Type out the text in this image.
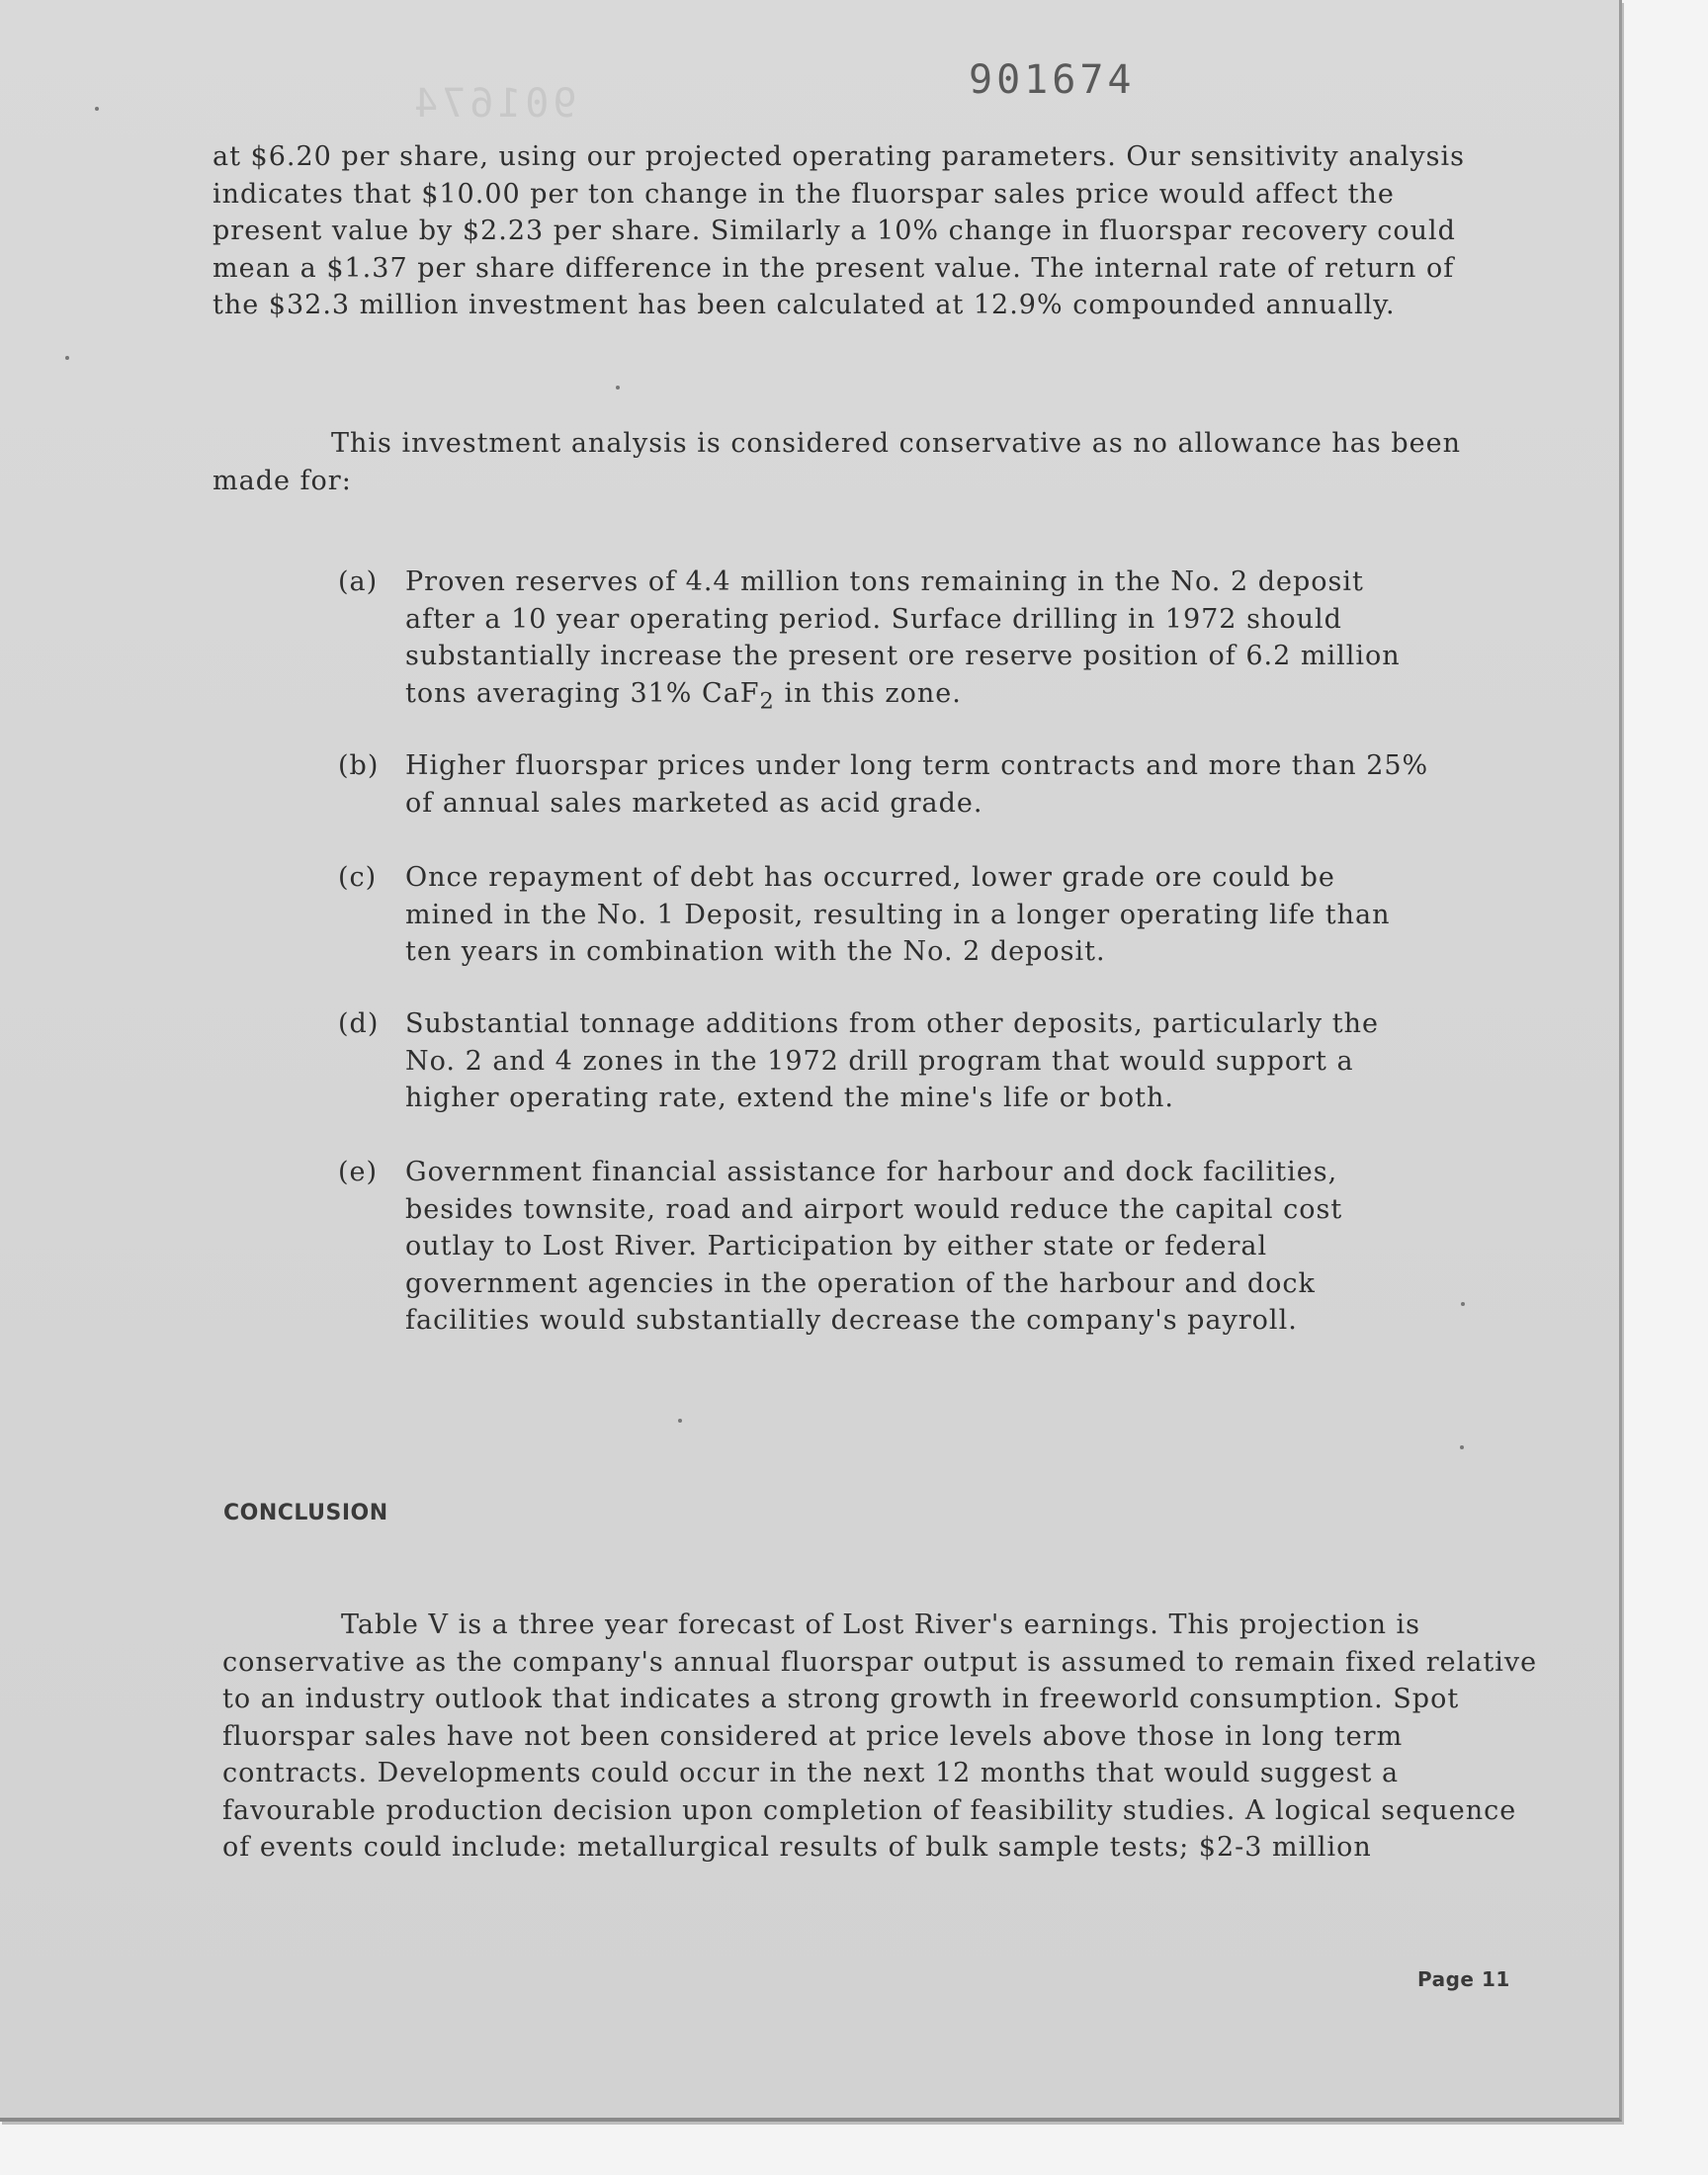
901674
901674

at $6.20 per share, using our projected operating parameters. Our sensitivity analysis indicates that $10.00 per ton change in the fluorspar sales price would affect the present value by $2.23 per share. Similarly a 10% change in fluorspar recovery could mean a $1.37 per share difference in the present value. The internal rate of return of the $32.3 million investment has been calculated at 12.9% compounded annually.

This investment analysis is considered conservative as no allowance has been made for:

(a) Proven reserves of 4.4 million tons remaining in the No. 2 deposit after a 10 year operating period. Surface drilling in 1972 should substantially increase the present ore reserve position of 6.2 million tons averaging 31% CaF$_2$ in this zone.
(b) Higher fluorspar prices under long term contracts and more than 25% of annual sales marketed as acid grade.
(c) Once repayment of debt has occurred, lower grade ore could be mined in the No. 1 Deposit, resulting in a longer operating life than ten years in combination with the No. 2 deposit.
(d) Substantial tonnage additions from other deposits, particularly the No. 2 and 4 zones in the 1972 drill program that would support a higher operating rate, extend the mine's life or both.
(e) Government financial assistance for harbour and dock facilities, besides townsite, road and airport would reduce the capital cost outlay to Lost River. Participation by either state or federal government agencies in the operation of the harbour and dock facilities would substantially decrease the company's payroll.
CONCLUSION

Table V is a three year forecast of Lost River's earnings. This projection is conservative as the company's annual fluorspar output is assumed to remain fixed relative to an industry outlook that indicates a strong growth in freeworld consumption. Spot fluorspar sales have not been considered at price levels above those in long term contracts. Developments could occur in the next 12 months that would suggest a favourable production decision upon completion of feasibility studies. A logical sequence of events could include: metallurgical results of bulk sample tests; $2-3 million

Page 11
